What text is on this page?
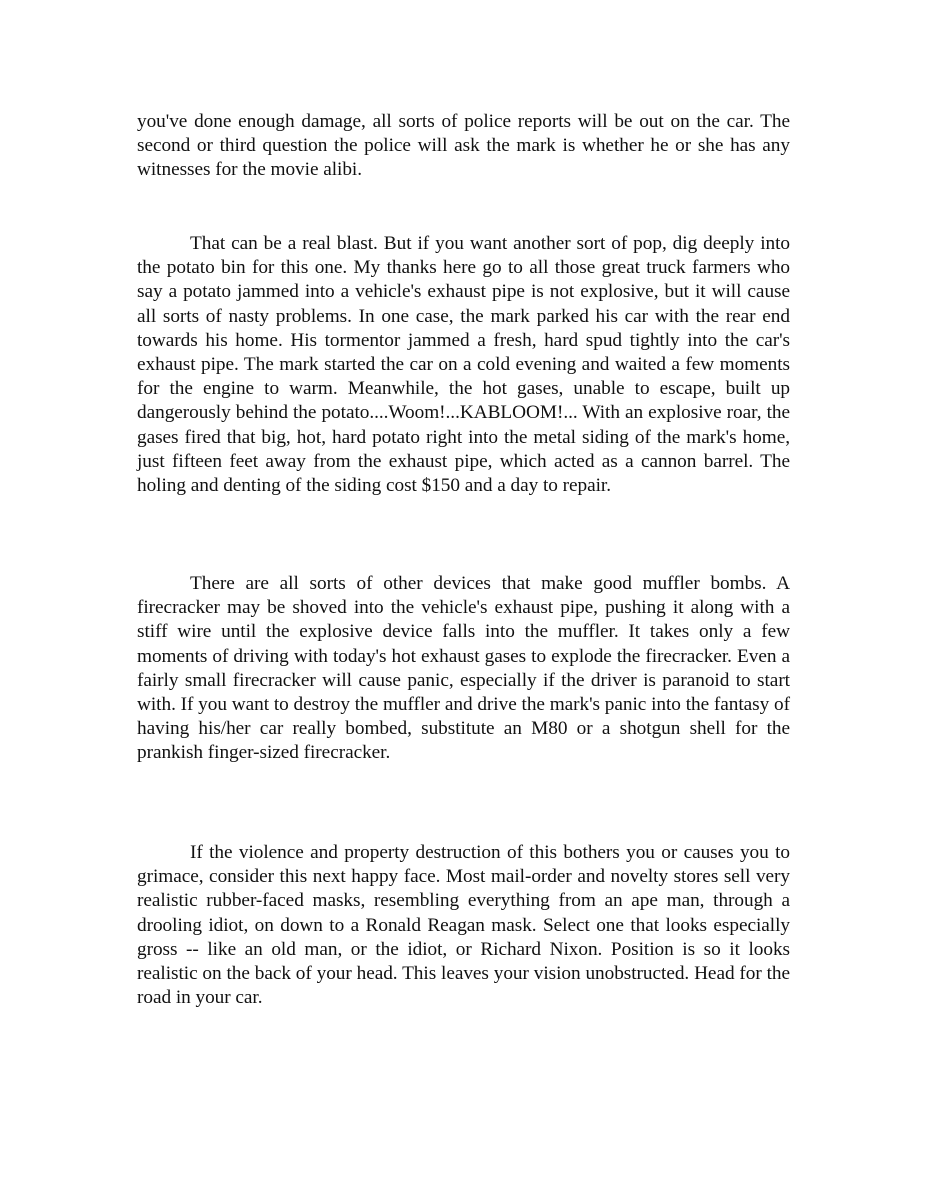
you've done enough damage, all sorts of police reports will be out on the car. The second or third question the police will ask the mark is whether he or she has any witnesses for the movie alibi.

That can be a real blast. But if you want another sort of pop, dig deeply into the potato bin for this one. My thanks here go to all those great truck farmers who say a potato jammed into a vehicle's exhaust pipe is not explosive, but it will cause all sorts of nasty problems. In one case, the mark parked his car with the rear end towards his home. His tormentor jammed a fresh, hard spud tightly into the car's exhaust pipe. The mark started the car on a cold evening and waited a few moments for the engine to warm. Meanwhile, the hot gases, unable to escape, built up dangerously behind the potato....Woom!...KABLOOM!... With an explosive roar, the gases fired that big, hot, hard potato right into the metal siding of the mark's home, just fifteen feet away from the exhaust pipe, which acted as a cannon barrel. The holing and denting of the siding cost $150 and a day to repair.

There are all sorts of other devices that make good muffler bombs. A firecracker may be shoved into the vehicle's exhaust pipe, pushing it along with a stiff wire until the explosive device falls into the muffler. It takes only a few moments of driving with today's hot exhaust gases to explode the firecracker. Even a fairly small firecracker will cause panic, especially if the driver is paranoid to start with. If you want to destroy the muffler and drive the mark's panic into the fantasy of having his/her car really bombed, substitute an M80 or a shotgun shell for the prankish finger-sized firecracker.

If the violence and property destruction of this bothers you or causes you to grimace, consider this next happy face. Most mail-order and novelty stores sell very realistic rubber-faced masks, resembling everything from an ape man, through a drooling idiot, on down to a Ronald Reagan mask. Select one that looks especially gross -- like an old man, or the idiot, or Richard Nixon. Position is so it looks realistic on the back of your head. This leaves your vision unobstructed. Head for the road in your car.
